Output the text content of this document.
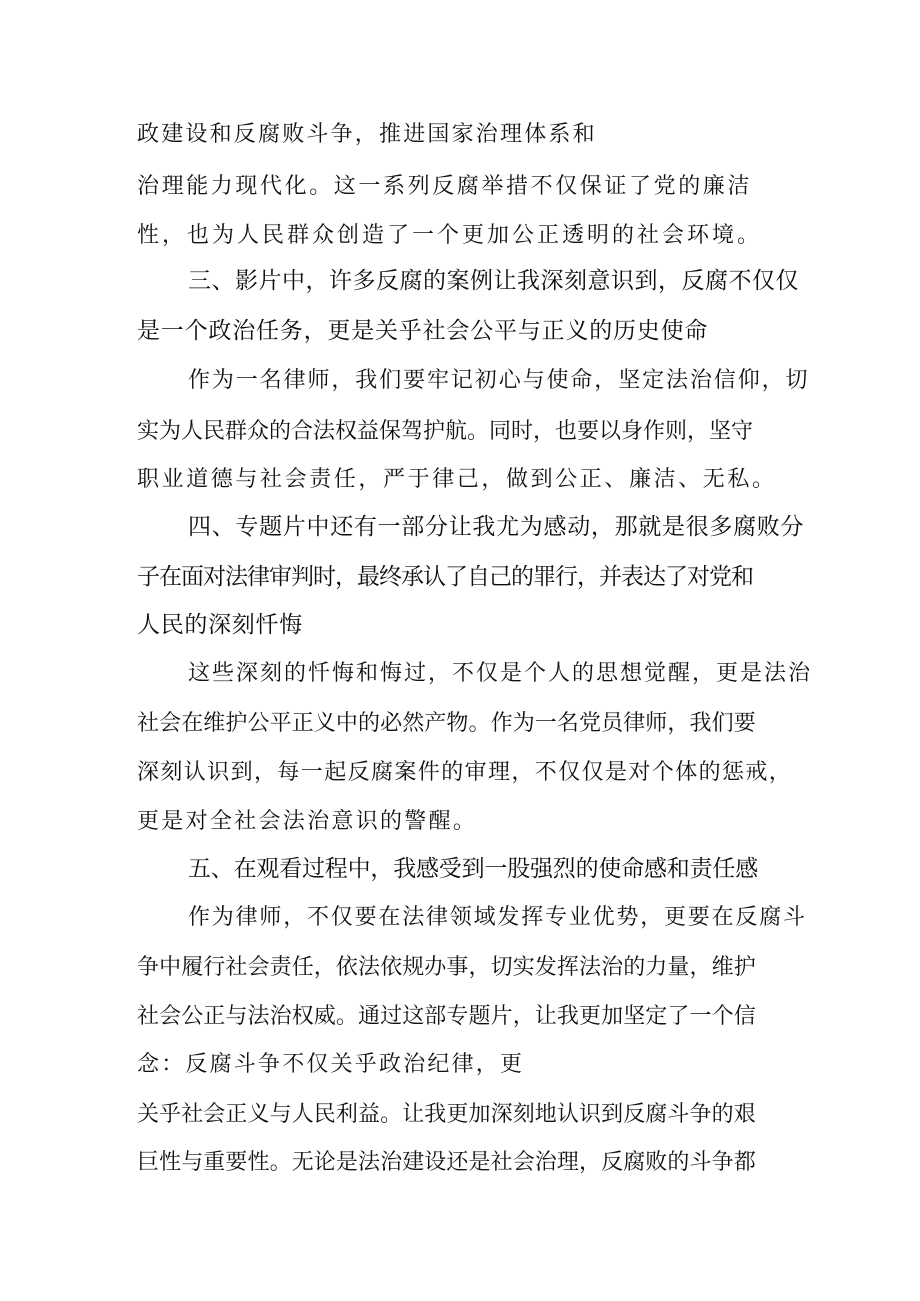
政建设和反腐败斗争，推进国家治理体系和
治理能力现代化。这一系列反腐举措不仅保证了党的廉洁
性，也为人民群众创造了一个更加公正透明的社会环境。
三、影片中，许多反腐的案例让我深刻意识到，反腐不仅仅
是一个政治任务，更是关乎社会公平与正义的历史使命
作为一名律师，我们要牢记初心与使命，坚定法治信仰，切
实为人民群众的合法权益保驾护航。同时，也要以身作则，坚守
职业道德与社会责任，严于律己，做到公正、廉洁、无私。
四、专题片中还有一部分让我尤为感动，那就是很多腐败分
子在面对法律审判时，最终承认了自己的罪行，并表达了对党和
人民的深刻忏悔
这些深刻的忏悔和悔过，不仅是个人的思想觉醒，更是法治
社会在维护公平正义中的必然产物。作为一名党员律师，我们要
深刻认识到，每一起反腐案件的审理，不仅仅是对个体的惩戒，
更是对全社会法治意识的警醒。
五、在观看过程中，我感受到一股强烈的使命感和责任感
作为律师，不仅要在法律领域发挥专业优势，更要在反腐斗
争中履行社会责任，依法依规办事，切实发挥法治的力量，维护
社会公正与法治权威。通过这部专题片，让我更加坚定了一个信
念：反腐斗争不仅关乎政治纪律，更
关乎社会正义与人民利益。让我更加深刻地认识到反腐斗争的艰
巨性与重要性。无论是法治建设还是社会治理，反腐败的斗争都
